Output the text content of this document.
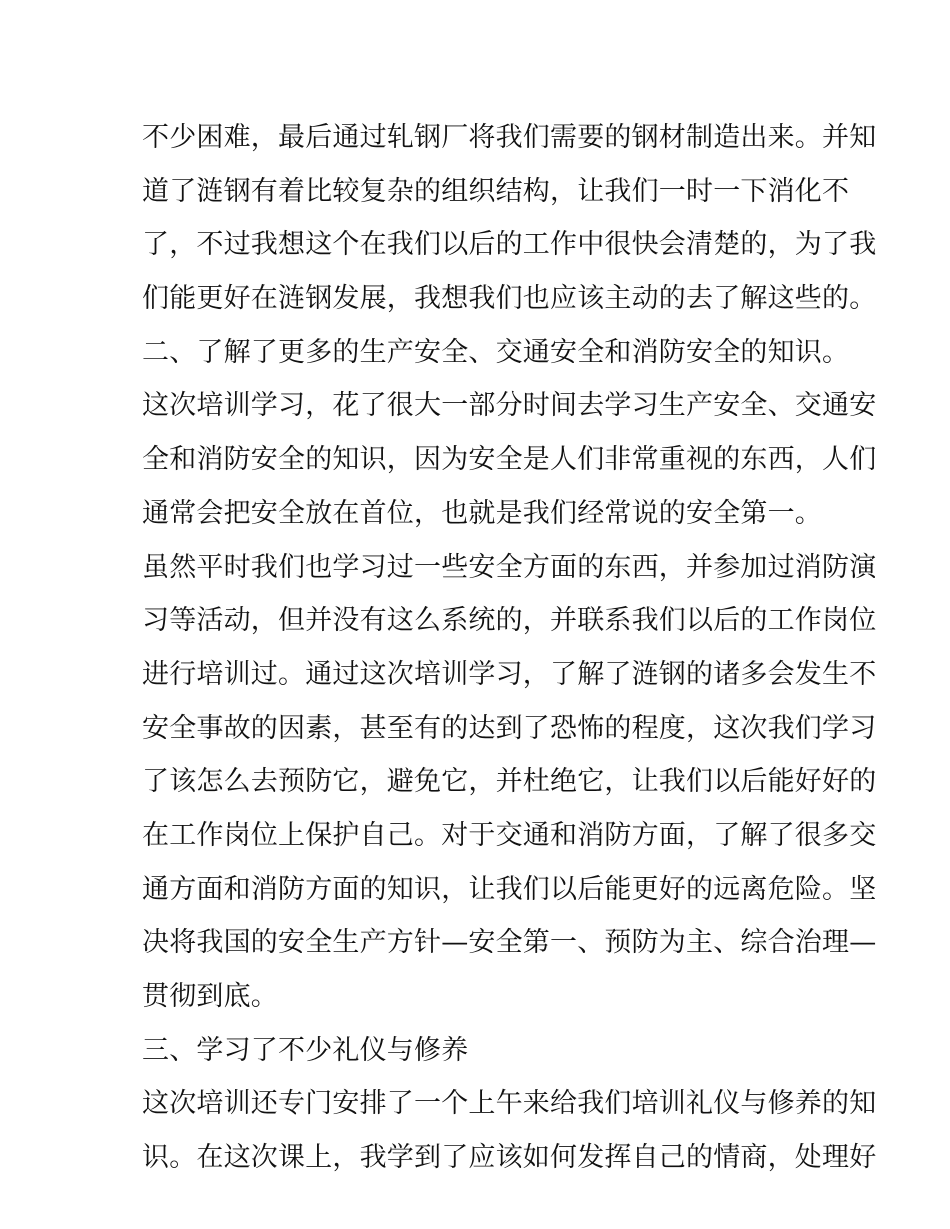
不少困难，最后通过轧钢厂将我们需要的钢材制造出来。并知
道了涟钢有着比较复杂的组织结构，让我们一时一下消化不
了，不过我想这个在我们以后的工作中很快会清楚的，为了我
们能更好在涟钢发展，我想我们也应该主动的去了解这些的。
二、了解了更多的生产安全、交通安全和消防安全的知识。
这次培训学习，花了很大一部分时间去学习生产安全、交通安
全和消防安全的知识，因为安全是人们非常重视的东西，人们
通常会把安全放在首位，也就是我们经常说的安全第一。
虽然平时我们也学习过一些安全方面的东西，并参加过消防演
习等活动，但并没有这么系统的，并联系我们以后的工作岗位
进行培训过。通过这次培训学习，了解了涟钢的诸多会发生不
安全事故的因素，甚至有的达到了恐怖的程度，这次我们学习
了该怎么去预防它，避免它，并杜绝它，让我们以后能好好的
在工作岗位上保护自己。对于交通和消防方面，了解了很多交
通方面和消防方面的知识，让我们以后能更好的远离危险。坚
决将我国的安全生产方针—安全第一、预防为主、综合治理—
贯彻到底。
三、学习了不少礼仪与修养
这次培训还专门安排了一个上午来给我们培训礼仪与修养的知
识。在这次课上，我学到了应该如何发挥自己的情商，处理好
